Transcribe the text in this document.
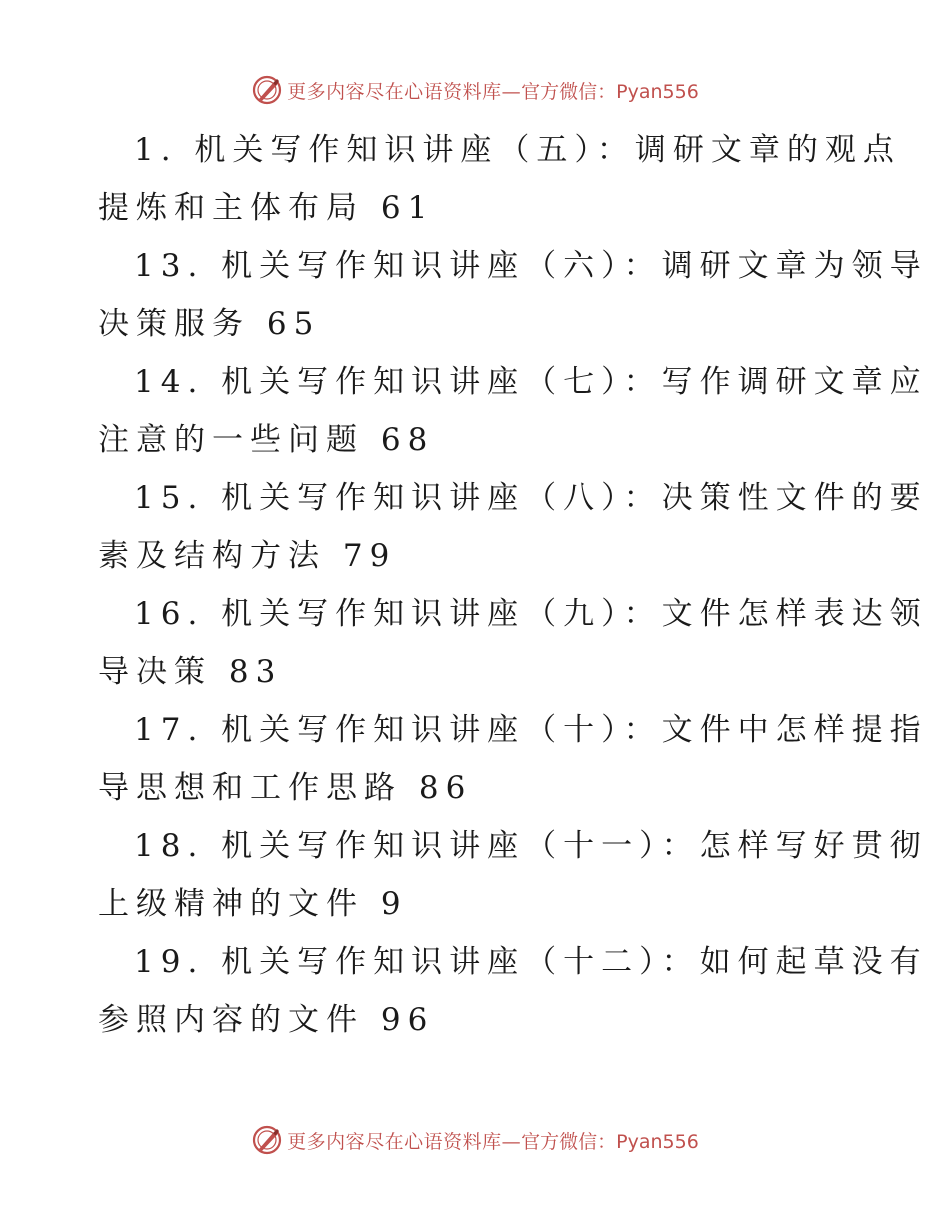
更多内容尽在心语资料库— 官方微信：Pyan556
1. 机关写作知识讲座（五）：调研文章的观点
提炼和主体布局 61
13. 机关写作知识讲座（六）：调研文章为领导
决策服务 65
14. 机关写作知识讲座（七）：写作调研文章应
注意的一些问题 68
15. 机关写作知识讲座（八）：决策性文件的要
素及结构方法 79
16. 机关写作知识讲座（九）：文件怎样表达领
导决策 83
17. 机关写作知识讲座（十）：文件中怎样提指
导思想和工作思路 86
18. 机关写作知识讲座（十一）：怎样写好贯彻
上级精神的文件 9
19. 机关写作知识讲座（十二）：如何起草没有
参照内容的文件 96
更多内容尽在心语资料库— 官方微信：Pyan556
